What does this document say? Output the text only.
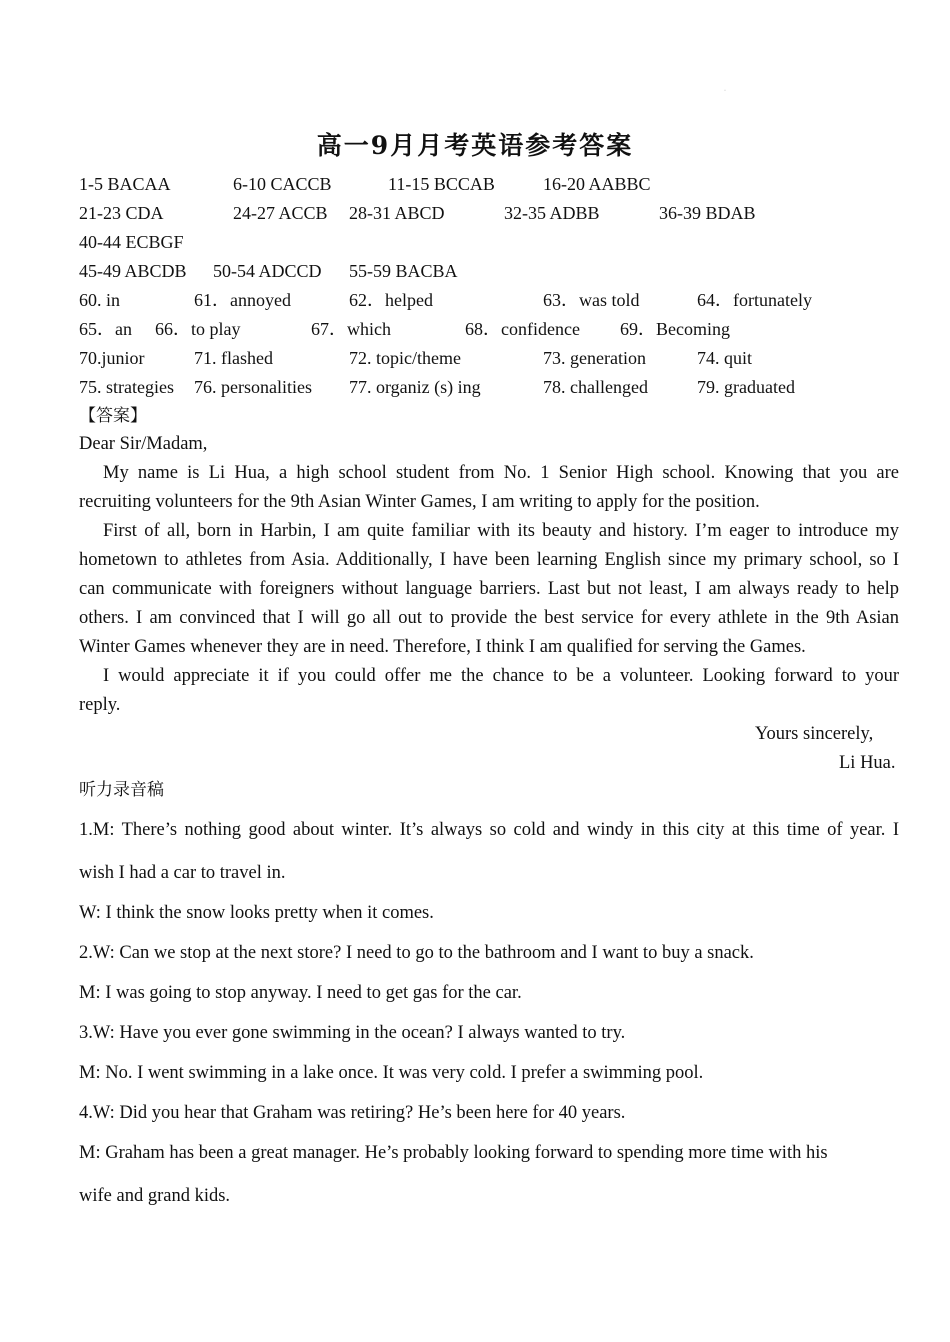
·
高一9月月考英语参考答案
1-5 BACAA	6-10 CACCB	11-15 BCCAB	16-20 AABBC
21-23 CDA	24-27 ACCB 28-31 ABCD	32-35 ADBB	36-39 BDAB
40-44 ECBGF
45-49 ABCDB 50-54 ADCCD 55-59 BACBA
60. in	61．annoyed	62．helped	63．was told	64．fortunately
65．an 66．to play	67．which	68．confidence 69．Becoming
70.junior	71. flashed	72. topic/theme	73. generation	74. quit
75. strategies 76. personalities 77. organiz (s) ing	78. challenged	79. graduated
【答案】
Dear Sir/Madam,
My name is Li Hua, a high school student from No. 1 Senior High school. Knowing that you are
recruiting volunteers for the 9th Asian Winter Games, I am writing to apply for the position.
First of all, born in Harbin, I am quite familiar with its beauty and history. I’m eager to introduce my
hometown to athletes from Asia. Additionally, I have been learning English since my primary school, so I
can communicate with foreigners without language barriers. Last but not least, I am always ready to help
others. I am convinced that I will go all out to provide the best service for every athlete in the 9th Asian
Winter Games whenever they are in need. Therefore, I think I am qualified for serving the Games.
I would appreciate it if you could offer me the chance to be a volunteer. Looking forward to your
reply.
Yours sincerely,
Li Hua.
听力录音稿
1.M: There’s nothing good about winter. It’s always so cold and windy in this city at this time of year. I
wish I had a car to travel in.
W: I think the snow looks pretty when it comes.
2.W: Can we stop at the next store? I need to go to the bathroom and I want to buy a snack.
M: I was going to stop anyway. I need to get gas for the car.
3.W: Have you ever gone swimming in the ocean? I always wanted to try.
M: No. I went swimming in a lake once. It was very cold. I prefer a swimming pool.
4.W: Did you hear that Graham was retiring? He’s been here for 40 years.
M: Graham has been a great manager. He’s probably looking forward to spending more time with his
wife and grand kids.
